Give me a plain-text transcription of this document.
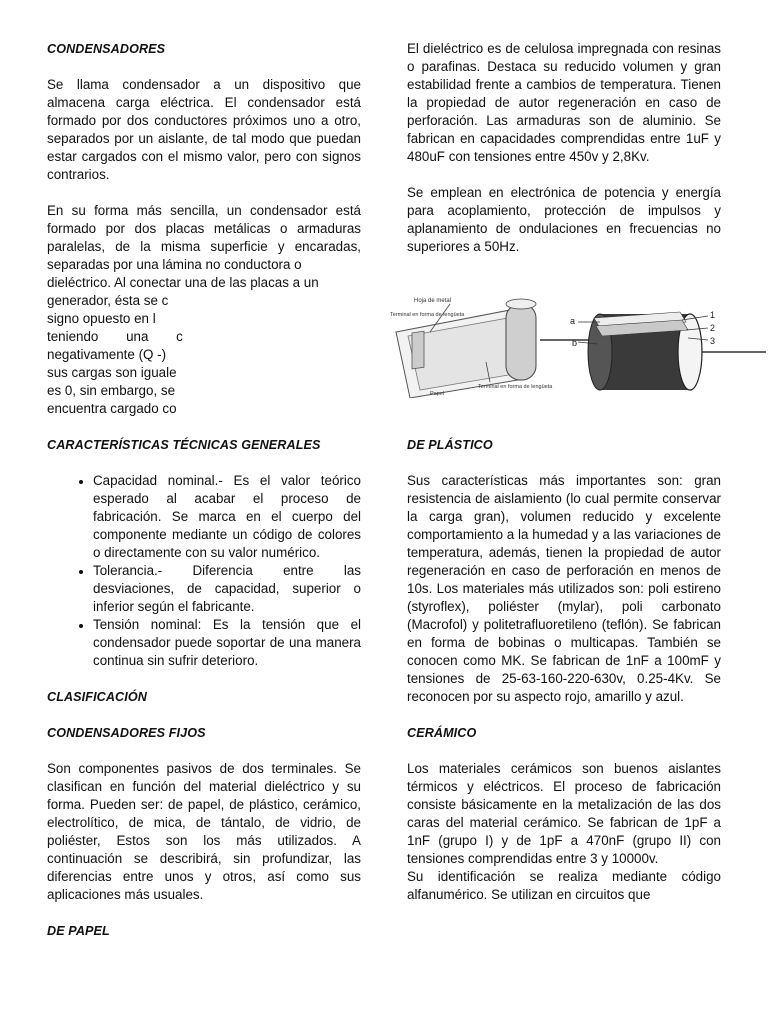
CONDENSADORES

Se llama condensador a un dispositivo que almacena carga eléctrica. El condensador está formado por dos conductores próximos uno a otro, separados por un aislante, de tal modo que puedan estar cargados con el mismo valor, pero con signos contrarios.

En su forma más sencilla, un condensador está formado por dos placas metálicas o armaduras paralelas, de la misma superficie y encaradas, separadas por una lámina no conductora o

dieléctrico. Al conectar una de las placas a un

generador, ésta se c
signo opuesto en l
teniendo una c
negativamente (Q -)
sus cargas son iguale
es 0, sin embargo, se
encuentra cargado co
CARACTERÍSTICAS TÉCNICAS GENERALES
• Capacidad nominal.- Es el valor teórico esperado al acabar el proceso de fabricación. Se marca en el cuerpo del componente mediante un código de colores o directamente con su valor numérico.
• Tolerancia.- Diferencia entre las desviaciones, de capacidad, superior o inferior según el fabricante.
• Tensión nominal: Es la tensión que el condensador puede soportar de una manera continua sin sufrir deterioro.
CLASIFICACIÓN
CONDENSADORES FIJOS

Son componentes pasivos de dos terminales. Se clasifican en función del material dieléctrico y su forma. Pueden ser: de papel, de plástico, cerámico, electrolítico, de mica, de tántalo, de vidrio, de poliéster, Estos son los más utilizados. A continuación se describirá, sin profundizar, las diferencias entre unos y otros, así como sus aplicaciones más usuales.

DE PAPEL

El dieléctrico es de celulosa impregnada con resinas o parafinas. Destaca su reducido volumen y gran estabilidad frente a cambios de temperatura. Tienen la propiedad de autor regeneración en caso de perforación. Las armaduras son de aluminio. Se fabrican en capacidades comprendidas entre 1uF y 480uF con tensiones entre 450v y 2,8Kv.

Se emplean en electrónica de potencia y energía para acoplamiento, protección de impulsos y aplanamiento de ondulaciones en frecuencias no superiores a 50Hz.

Hoja de metal
Terminal en forma de lengüeta
Terminal en forma de lengüeta
Papel
a
b
1
2
3
DE PLÁSTICO

Sus características más importantes son: gran resistencia de aislamiento (lo cual permite conservar la carga gran), volumen reducido y excelente comportamiento a la humedad y a las variaciones de temperatura, además, tienen la propiedad de autor regeneración en caso de perforación en menos de 10s. Los materiales más utilizados son: poli estireno (styroflex), poliéster (mylar), poli carbonato (Macrofol) y politetrafluoretileno (teflón). Se fabrican en forma de bobinas o multicapas. También se conocen como MK. Se fabrican de 1nF a 100mF y tensiones de 25-63-160-220-630v, 0.25-4Kv. Se reconocen por su aspecto rojo, amarillo y azul.

CERÁMICO

Los materiales cerámicos son buenos aislantes térmicos y eléctricos. El proceso de fabricación consiste básicamente en la metalización de las dos caras del material cerámico. Se fabrican de 1pF a 1nF (grupo I) y de 1pF a 470nF (grupo II) con tensiones comprendidas entre 3 y 10000v.

Su identificación se realiza mediante código alfanumérico. Se utilizan en circuitos que
